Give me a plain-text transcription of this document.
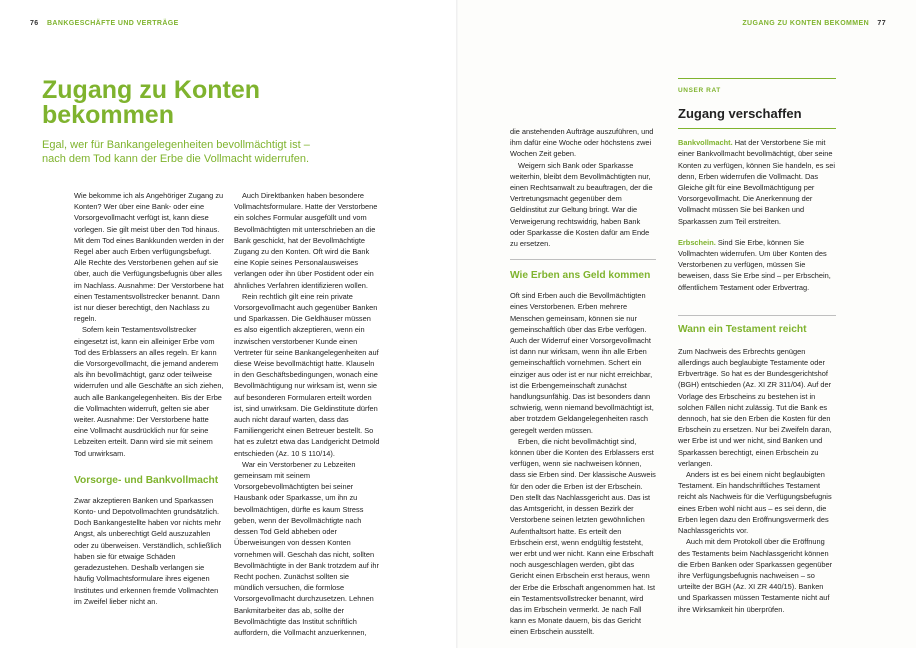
76 BANKGESCHÄFTE UND VERTRÄGE
Zugang zu Konten bekommen

Egal, wer für Bankangelegenheiten bevollmächtigt ist – nach dem Tod kann der Erbe die Vollmacht widerrufen.

Wie bekomme ich als Angehöriger Zugang zu Konten? Wer über eine Bank- oder eine Vorsorgevollmacht verfügt ist, kann diese vorlegen. Sie gilt meist über den Tod hinaus. Mit dem Tod eines Bankkunden werden in der Regel aber auch Erben verfügungsbefugt. Alle Rechte des Verstorbenen gehen auf sie über, auch die Verfügungsbefugnis über alles im Nachlass. Ausnahme: Der Verstorbene hat einen Testamentsvollstrecker benannt. Dann ist nur dieser berechtigt, den Nachlass zu regeln.

Sofern kein Testamentsvollstrecker eingesetzt ist, kann ein alleiniger Erbe vom Tod des Erblassers an alles regeln. Er kann die Vorsorgevollmacht, die jemand anderem als ihn bevollmächtigt, ganz oder teilweise widerrufen und alle Geschäfte an sich ziehen, auch alle Bankangelegenheiten. Bis der Erbe die Vollmachten widerruft, gelten sie aber weiter. Ausnahme: Der Verstorbene hatte eine Vollmacht ausdrücklich nur für seine Lebzeiten erteilt. Dann wird sie mit seinem Tod unwirksam.

Vorsorge- und Bankvollmacht

Zwar akzeptieren Banken und Sparkassen Konto- und Depotvollmachten grundsätzlich. Doch Bankangestellte haben vor nichts mehr Angst, als unberechtigt Geld auszuzahlen oder zu überweisen. Verständlich, schließlich haben sie für etwaige Schäden geradezustehen. Deshalb verlangen sie häufig Vollmachtsformulare ihres eigenen Institutes und erkennen fremde Vollmachten im Zweifel lieber nicht an.

Auch Direktbanken haben besondere Vollmachtsformulare. Hatte der Verstorbene ein solches Formular ausgefüllt und vom Bevollmächtigten mit unterschrieben an die Bank geschickt, hat der Bevollmächtigte Zugang zu den Konten. Oft wird die Bank eine Kopie seines Personalausweises verlangen oder ihn über Postident oder ein ähnliches Verfahren identifizieren wollen.

Rein rechtlich gilt eine rein private Vorsorgevollmacht auch gegenüber Banken und Sparkassen. Die Geldhäuser müssen es also eigentlich akzeptieren, wenn ein inzwischen verstorbener Kunde einen Vertreter für seine Bankangelegenheiten auf diese Weise bevollmächtigt hatte. Klauseln in den Geschäftsbedingungen, wonach eine Bevollmächtigung nur wirksam ist, wenn sie auf besonderen Formularen erteilt worden ist, sind unwirksam. Die Geldinstitute dürfen auch nicht darauf warten, dass das Familiengericht einen Betreuer bestellt. So hat es zuletzt etwa das Landgericht Detmold entschieden (Az. 10 S 110/14).

War ein Verstorbener zu Lebzeiten gemeinsam mit seinem Vorsorgebevollmächtigten bei seiner Hausbank oder Sparkasse, um ihn zu bevollmächtigen, dürfte es kaum Stress geben, wenn der Bevollmächtigte nach dessen Tod Geld abheben oder Überweisungen von dessen Konten vornehmen will. Geschah das nicht, sollten Bevollmächtigte in der Bank trotzdem auf ihr Recht pochen. Zunächst sollten sie mündlich versuchen, die formlose Vorsorgevollmacht durchzusetzen. Lehnen Bankmitarbeiter das ab, sollte der Bevollmächtigte das Institut schriftlich auffordern, die Vollmacht anzuerkennen,

ZUGANG ZU KONTEN BEKOMMEN 77

die anstehenden Aufträge auszuführen, und ihm dafür eine Woche oder höchstens zwei Wochen Zeit geben.

Weigern sich Bank oder Sparkasse weiterhin, bleibt dem Bevollmächtigten nur, einen Rechtsanwalt zu beauftragen, der die Vertretungsmacht gegenüber dem Geldinstitut zur Geltung bringt. War die Verweigerung rechtswidrig, haben Bank oder Sparkasse die Kosten dafür am Ende zu ersetzen.

Wie Erben ans Geld kommen

Oft sind Erben auch die Bevollmächtigten eines Verstorbenen. Erben mehrere Menschen gemeinsam, können sie nur gemeinschaftlich über das Erbe verfügen. Auch der Widerruf einer Vorsorgevollmacht ist dann nur wirksam, wenn ihn alle Erben gemeinschaftlich vornehmen. Schert ein einziger aus oder ist er nur nicht erreichbar, ist die Erbengemeinschaft zunächst handlungsunfähig. Das ist besonders dann schwierig, wenn niemand bevollmächtigt ist, aber trotzdem Geldangelegenheiten rasch geregelt werden müssen.

Erben, die nicht bevollmächtigt sind, können über die Konten des Erblassers erst verfügen, wenn sie nachweisen können, dass sie Erben sind. Der klassische Ausweis für den oder die Erben ist der Erbschein. Den stellt das Nachlassgericht aus. Das ist das Amtsgericht, in dessen Bezirk der Verstorbene seinen letzten gewöhnlichen Aufenthaltsort hatte. Es erteilt den Erbschein erst, wenn endgültig feststeht, wer erbt und wer nicht. Kann eine Erbschaft noch ausgeschlagen werden, gibt das Gericht einen Erbschein erst heraus, wenn der Erbe die Erbschaft angenommen hat. Ist ein Testamentsvollstrecker benannt, wird das im Erbschein vermerkt. Je nach Fall kann es Monate dauern, bis das Gericht einen Erbschein ausstellt.

UNSER RAT
Zugang verschaffen

Bankvollmacht. Hat der Verstorbene Sie mit einer Bankvollmacht bevollmächtigt, über seine Konten zu verfügen, können Sie handeln, es sei denn, Erben widerrufen die Vollmacht. Das Gleiche gilt für eine Bevollmächtigung per Vorsorgevollmacht. Die Anerkennung der Vollmacht müssen Sie bei Banken und Sparkassen zum Teil erstreiten.

Erbschein. Sind Sie Erbe, können Sie Vollmachten widerrufen. Um über Konten des Verstorbenen zu verfügen, müssen Sie beweisen, dass Sie Erbe sind – per Erbschein, öffentlichem Testament oder Erbvertrag.

Wann ein Testament reicht

Zum Nachweis des Erbrechts genügen allerdings auch beglaubigte Testamente oder Erbverträge. So hat es der Bundesgerichtshof (BGH) entschieden (Az. XI ZR 311/04). Auf der Vorlage des Erbscheins zu bestehen ist in solchen Fällen nicht zulässig. Tut die Bank es dennoch, hat sie den Erben die Kosten für den Erbschein zu ersetzen. Nur bei Zweifeln daran, wer Erbe ist und wer nicht, sind Banken und Sparkassen berechtigt, einen Erbschein zu verlangen.

Anders ist es bei einem nicht beglaubigten Testament. Ein handschriftliches Testament reicht als Nachweis für die Verfügungsbefugnis eines Erben wohl nicht aus – es sei denn, die Erben legen dazu den Eröffnungsvermerk des Nachlassgerichts vor.

Auch mit dem Protokoll über die Eröffnung des Testaments beim Nachlassgericht können die Erben Banken oder Sparkassen gegenüber ihre Verfügungsbefugnis nachweisen – so urteilte der BGH (Az. XI ZR 440/15). Banken und Sparkassen müssen Testamente nicht auf ihre Wirksamkeit hin überprüfen.
